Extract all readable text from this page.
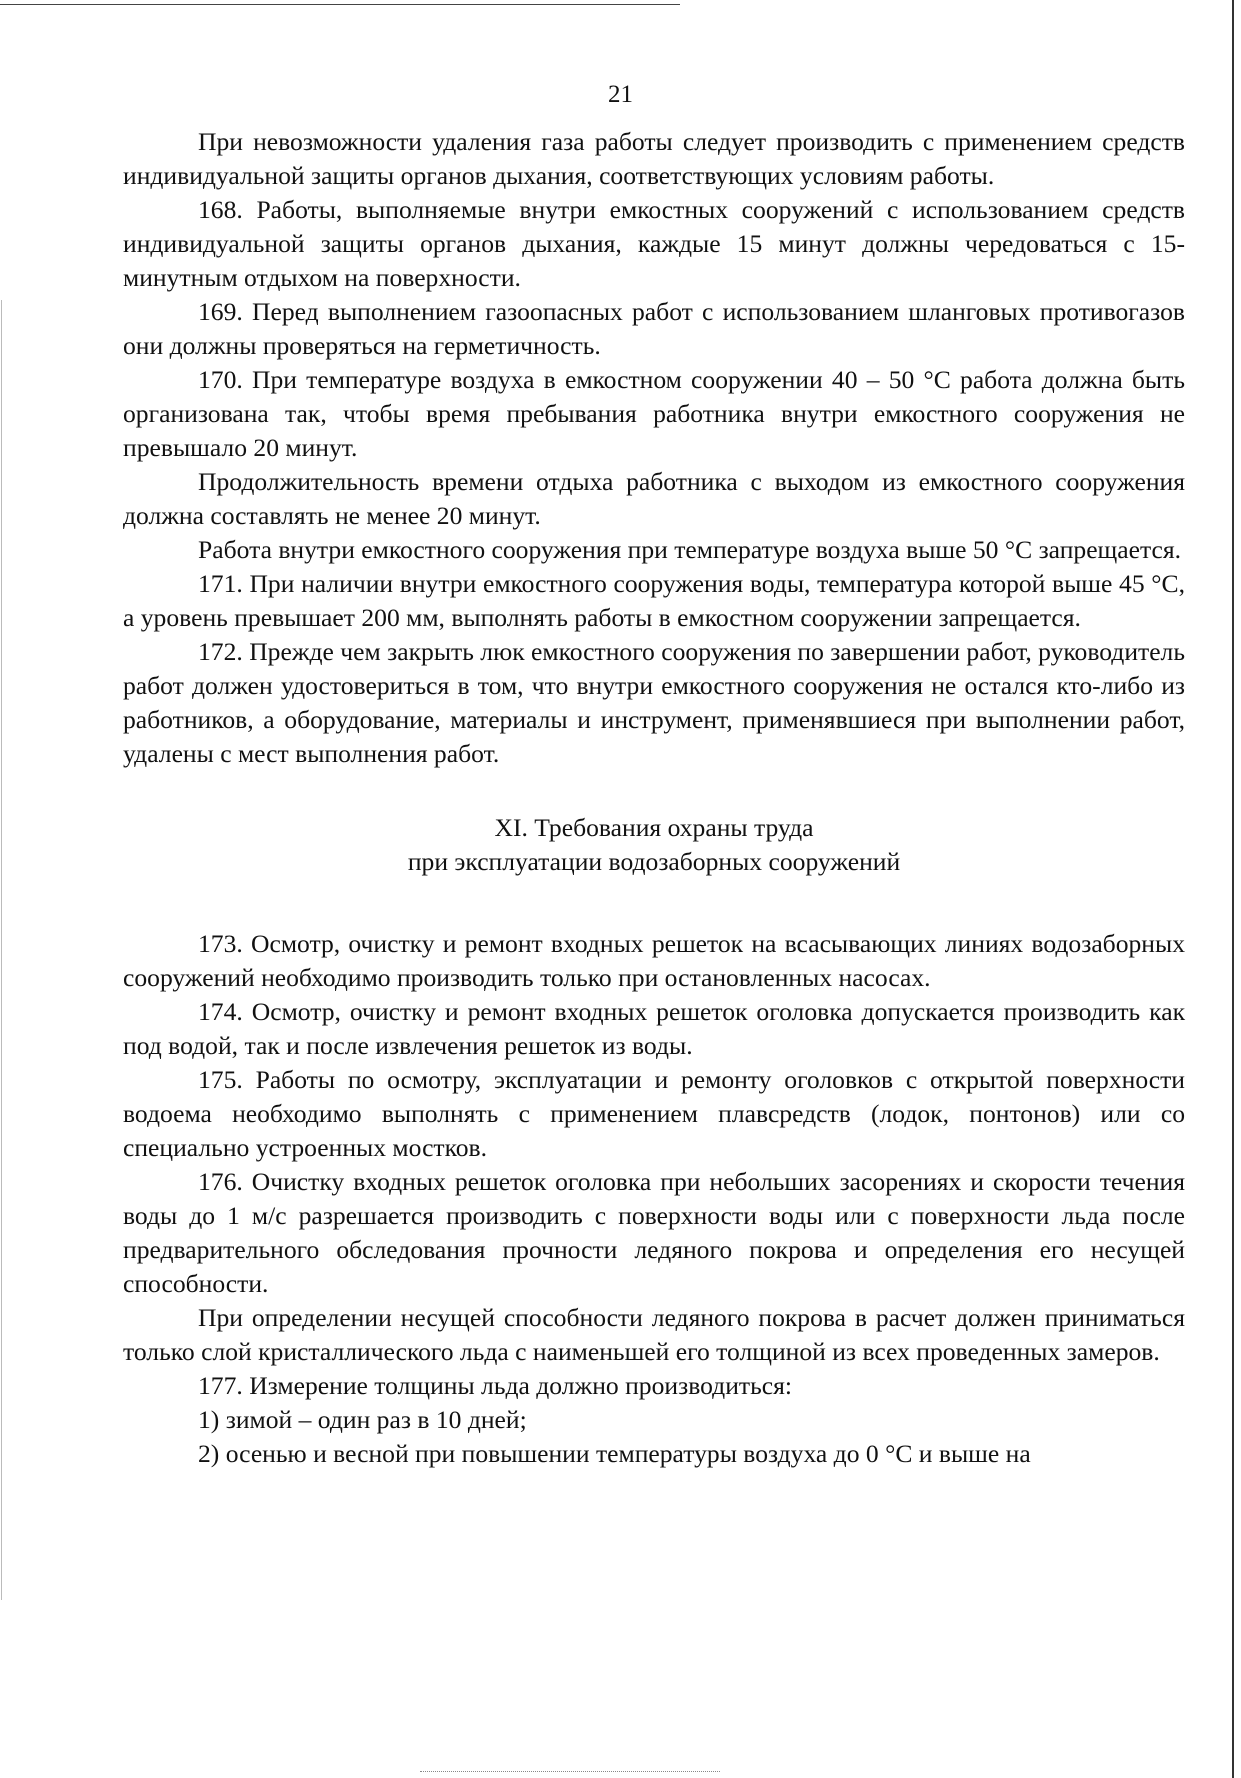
21

При невозможности удаления газа работы следует производить с применением средств индивидуальной защиты органов дыхания, соответствующих условиям работы.

168. Работы, выполняемые внутри емкостных сооружений с использованием средств индивидуальной защиты органов дыхания, каждые 15 минут должны чередоваться с 15-минутным отдыхом на поверхности.

169. Перед выполнением газоопасных работ с использованием шланговых противогазов они должны проверяться на герметичность.

170. При температуре воздуха в емкостном сооружении 40 – 50 °С работа должна быть организована так, чтобы время пребывания работника внутри емкостного сооружения не превышало 20 минут.

Продолжительность времени отдыха работника с выходом из емкостного сооружения должна составлять не менее 20 минут.

Работа внутри емкостного сооружения при температуре воздуха выше 50 °С запрещается.

171. При наличии внутри емкостного сооружения воды, температура которой выше 45 °С, а уровень превышает 200 мм, выполнять работы в емкостном сооружении запрещается.

172. Прежде чем закрыть люк емкостного сооружения по завершении работ, руководитель работ должен удостовериться в том, что внутри емкостного сооружения не остался кто-либо из работников, а оборудование, материалы и инструмент, применявшиеся при выполнении работ, удалены с мест выполнения работ.

XI. Требования охраны труда
при эксплуатации водозаборных сооружений

173. Осмотр, очистку и ремонт входных решеток на всасывающих линиях водозаборных сооружений необходимо производить только при остановленных насосах.

174. Осмотр, очистку и ремонт входных решеток оголовка допускается производить как под водой, так и после извлечения решеток из воды.

175. Работы по осмотру, эксплуатации и ремонту оголовков с открытой поверхности водоема необходимо выполнять с применением плавсредств (лодок, понтонов) или со специально устроенных мостков.

176. Очистку входных решеток оголовка при небольших засорениях и скорости течения воды до 1 м/с разрешается производить с поверхности воды или с поверхности льда после предварительного обследования прочности ледяного покрова и определения его несущей способности.

При определении несущей способности ледяного покрова в расчет должен приниматься только слой кристаллического льда с наименьшей его толщиной из всех проведенных замеров.

177. Измерение толщины льда должно производиться:

1) зимой – один раз в 10 дней;

2) осенью и весной при повышении температуры воздуха до 0 °С и выше на
